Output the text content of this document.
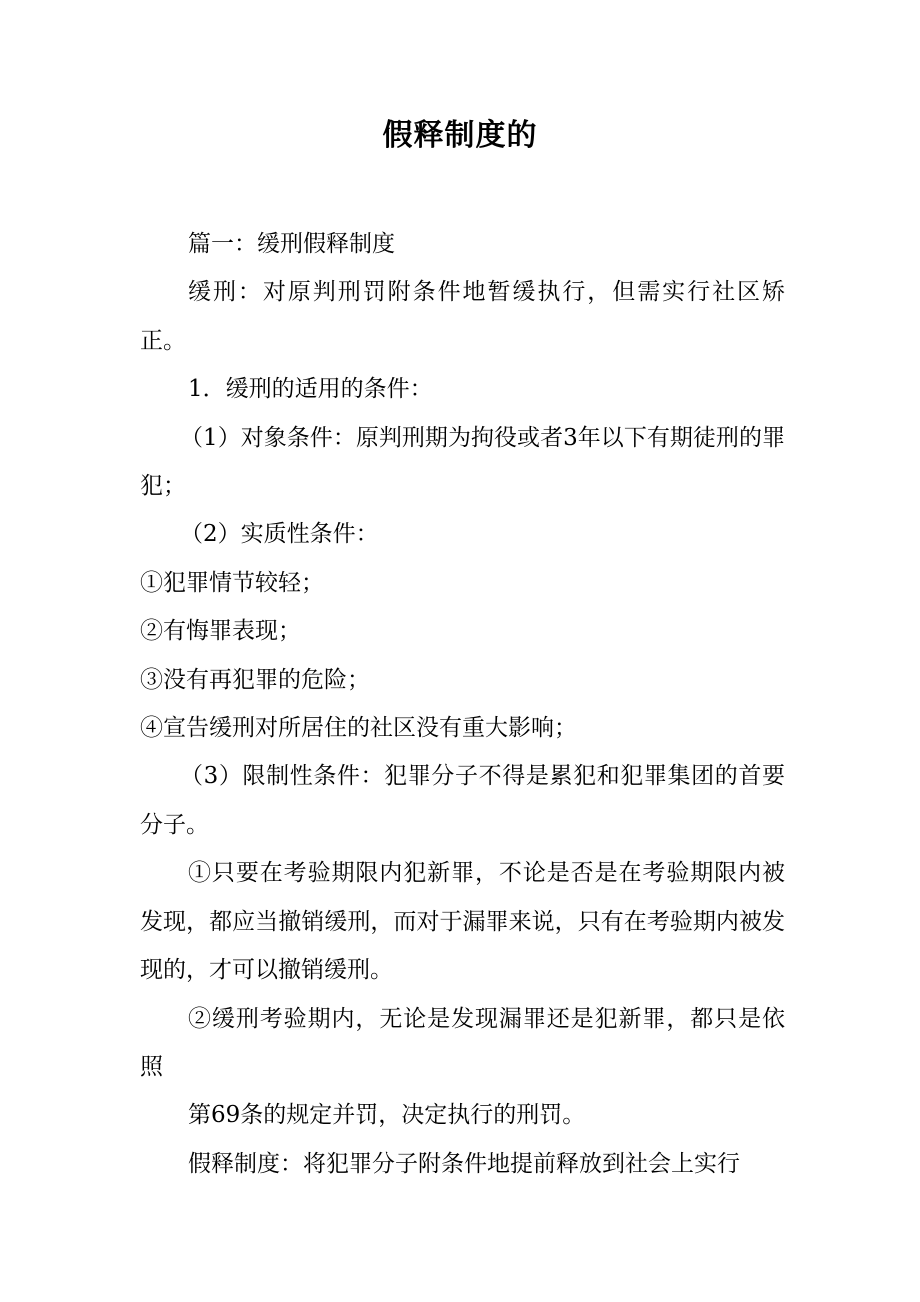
假释制度的

篇一：缓刑假释制度

缓刑：对原判刑罚附条件地暂缓执行，但需实行社区矫正。

1．缓刑的适用的条件：

（1）对象条件：原判刑期为拘役或者3年以下有期徒刑的罪犯；

（2）实质性条件：

①犯罪情节较轻；

②有悔罪表现；

③没有再犯罪的危险；

④宣告缓刑对所居住的社区没有重大影响；

（3）限制性条件：犯罪分子不得是累犯和犯罪集团的首要分子。

①只要在考验期限内犯新罪，不论是否是在考验期限内被发现，都应当撤销缓刑，而对于漏罪来说，只有在考验期内被发现的，才可以撤销缓刑。

②缓刑考验期内，无论是发现漏罪还是犯新罪，都只是依照

第69条的规定并罚，决定执行的刑罚。

假释制度：将犯罪分子附条件地提前释放到社会上实行
